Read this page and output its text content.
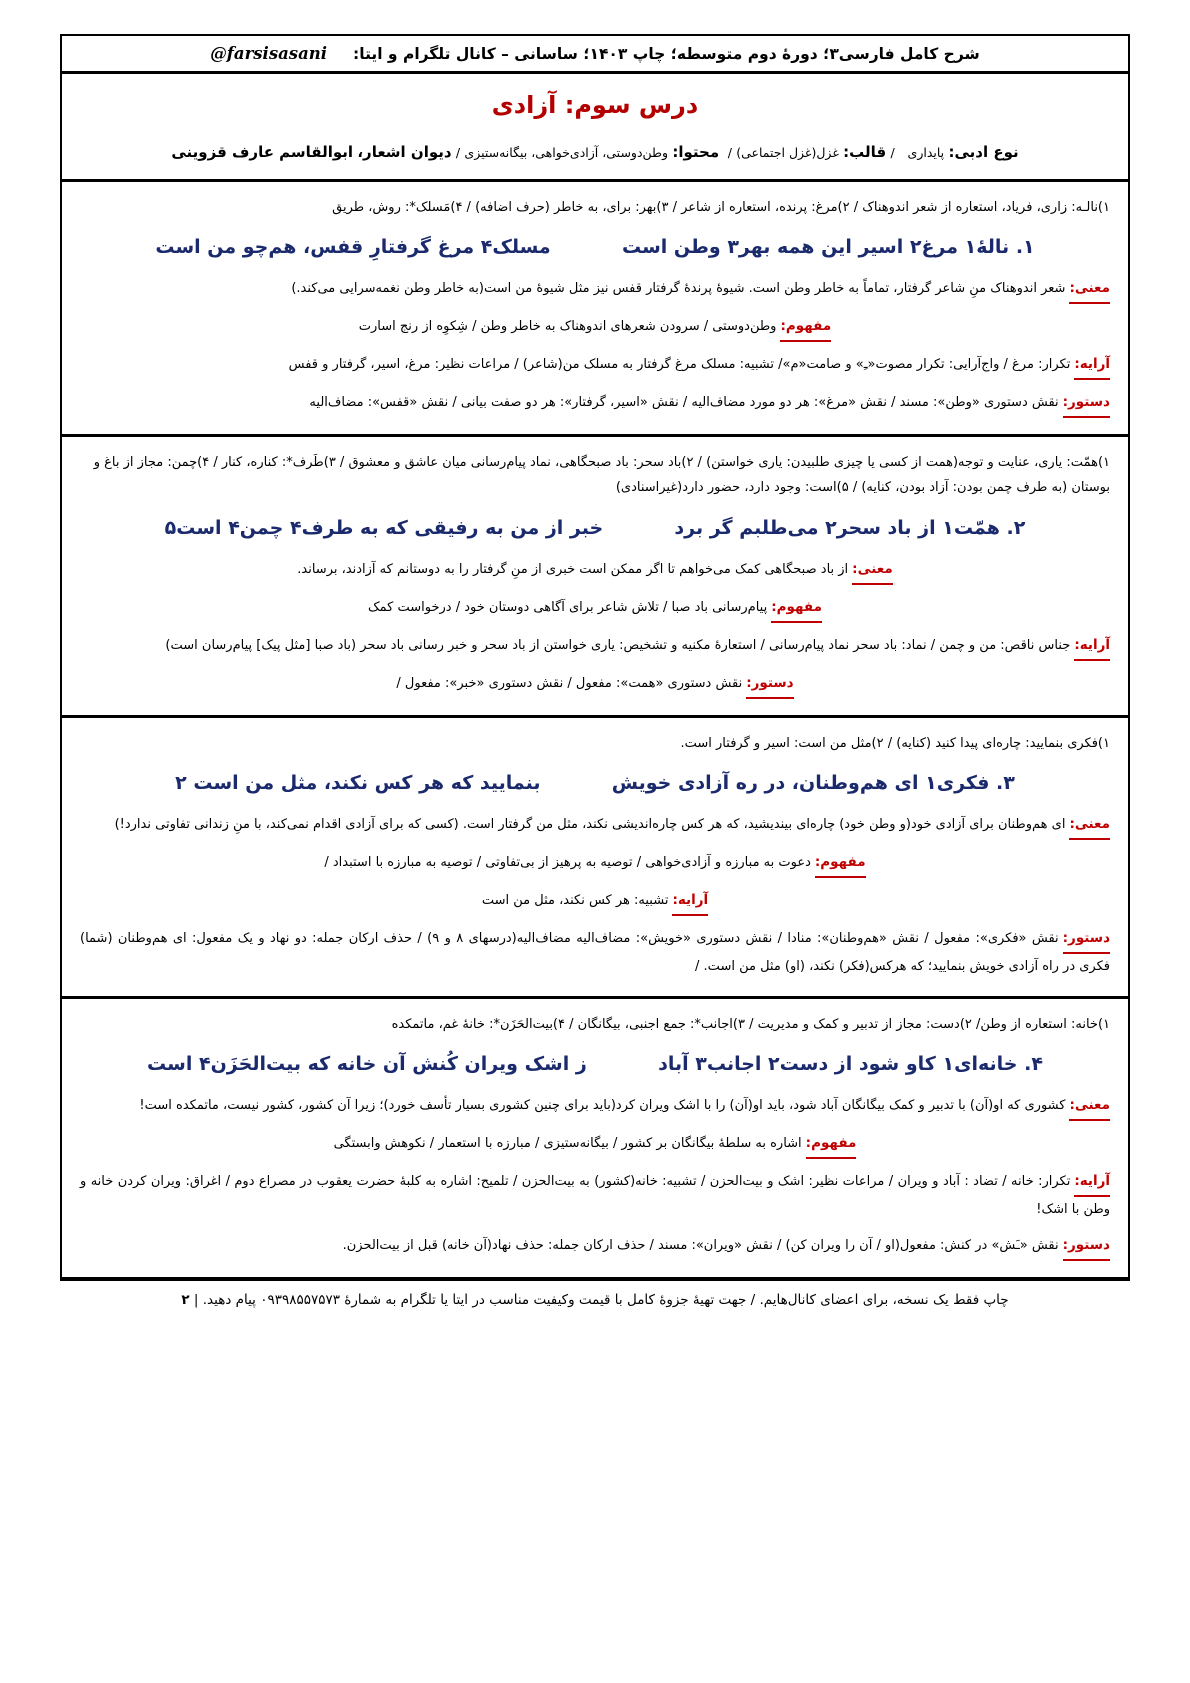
شرح کامل فارسی۳؛ دورهٔ دوم متوسطه؛ چاپ ۱۴۰۳؛ ساسانی – کانال تلگرام و ایتا:
@farsisasani
درس سوم: آزادی
نوع ادبی: پایداری   / قالب: غزل(غزل اجتماعی) /  محتوا: وطن‌دوستی، آزادی‌خواهی، بیگانه‌ستیزی / دیوان اشعار، ابوالقاسم عارف قزوینی
۱)نالـه: زاری، فریاد، استعاره از شعر اندوهناک / ۲)مرغ: پرنده، استعاره از شاعر / ۳)بهر: برای، به خاطر (حرف اضافه) / ۴)مَسلک*: روش، طریق
۱. نالهٔ١ مرغ٢ اسیر این همه بهر٣ وطن است  مسلک۴ مرغ گرفتارِ قفس، هم‌چو من است
معنی:شعر اندوهناک منِ شاعر گرفتار، تماماً به خاطر وطن است. شیوهٔ پرندهٔ گرفتار قفس نیز مثل شیوهٔ من است(به خاطر وطن نغمه‌سرایی می‌کند.)
مفهوم:وطن‌دوستی / سرودن شعرهای اندوهناک به خاطر وطن / شِکوِه از رنج اسارت
آرایه:تکرار: مرغ / واج‌آرایی: تکرار مصوت«ـِ» و صامت«م»/ تشبیه: مسلک مرغ گرفتار به مسلک من(شاعر) / مراعات نظیر: مرغ، اسیر، گرفتار و قفس
دستور:نقش دستوری «وطن»: مسند / نقش «مرغ»: هر دو مورد مضاف‌الیه / نقش «اسیر، گرفتار»: هر دو صفت بیانی / نقش «قفس»: مضاف‌الیه
۱)همّت: یاری، عنایت و توجه(همت از کسی یا چیزی طلبیدن: یاری خواستن) / ۲)باد سحر: باد صبحگاهی، نماد پیام‌رسانی میان عاشق و معشوق / ۳)طَرف*: کناره، کنار / ۴)چمن: مجاز از باغ و بوستان (به طرف چمن بودن: آزاد بودن، کنایه) / ۵)است: وجود دارد، حضور دارد(غیراسنادی)
۲. همّت١ از باد سحر٢ می‌طلبم گر برد  خبر از من به رفیقی که به طرف۴ چمن۴ است۵
معنی:از باد صبحگاهی کمک می‌خواهم تا اگر ممکن است خبری از منِ گرفتار را به دوستانم که آزادند، برساند.
مفهوم:پیام‌رسانی باد صبا / تلاش شاعر برای آگاهی دوستان خود / درخواست کمک
آرایه:جناس ناقص: من و چمن / نماد: باد سحر نماد پیام‌رسانی / استعارهٔ مکنیه و تشخیص: یاری خواستن از باد سحر و خبر رسانی باد سحر (باد صبا [مثل پیک] پیام‌رسان است)
دستور:نقش دستوری «همت»: مفعول / نقش دستوری «خبر»: مفعول /
۱)فکری بنمایید: چاره‌ای پیدا کنید (کنایه) / ۲)مثل من است: اسیر و گرفتار است.
۳. فکری١ ای هم‌وطنان، در ره آزادی خویش  بنمایید که هر کس نکند، مثل من است ٢
معنی:ای هم‌وطنان برای آزادی خود(و وطن خود) چاره‌ای بیندیشید، که هر کس چاره‌اندیشی نکند، مثل من گرفتار است. (کسی که برای آزادی اقدام نمی‌کند، با منِ زندانی تفاوتی ندارد!)
مفهوم:دعوت به مبارزه و آزادی‌خواهی / توصیه به پرهیز از بی‌تفاوتی / توصیه به مبارزه با استبداد /
آرایه:تشبیه: هر کس نکند، مثل من است
دستور:نقش «فکری»: مفعول / نقش «هم‌وطنان»: منادا / نقش دستوری «خویش»: مضاف‌الیه مضاف‌الیه(درسهای ۸ و ۹) / حذف ارکان جمله: دو نهاد و یک مفعول: ای هم‌وطنان (شما) فکری در راه آزادی خویش بنمایید؛ که هرکس(فکر) نکند، (او) مثل من است. /
۱)خانه: استعاره از وطن/ ۲)دست: مجاز از تدبیر و کمک و مدیریت / ۳)اجانب*: جمع اجنبی، بیگانگان / ۴)بیت‌الحَزَن*: خانهٔ غم، ماتمکده
۴. خانه‌ای١ کاو شود از دست٢ اجانب٣ آباد  ز اشک ویران کُنش آن خانه که بیت‌الحَزَن۴ است
معنی:کشوری که او(آن) با تدبیر و کمک بیگانگان آباد شود، باید او(آن) را با اشک ویران کرد(باید برای چنین کشوری بسیار تأسف خورد)؛ زیرا آن کشور، کشور نیست، ماتمکده است!
مفهوم:اشاره به سلطهٔ بیگانگان بر کشور / بیگانه‌ستیزی / مبارزه با استعمار / نکوهش وابستگی
آرایه:تکرار: خانه / تضاد : آباد و ویران / مراعات نظیر: اشک و بیت‌الحزن / تشبیه: خانه(کشور) به بیت‌الحزن / تلمیح: اشاره به کلبهٔ حضرت یعقوب در مصراع دوم / اغراق: ویران کردن خانه و وطن با اشک!
دستور:نقش «ـَش» در کنش: مفعول(او / آن را ویران کن) / نقش «ویران»: مسند / حذف ارکان جمله: حذف نهاد(آن خانه) قبل از بیت‌الحزن.
چاپ فقط یک نسخه، برای اعضای کانال‌هایم. / جهت تهیهٔ جزوهٔ کامل با قیمت وکیفیت مناسب در ایتا یا تلگرام به شمارهٔ ۰۹۳۹۸۵۵۷۵۷۳ پیام دهید. | ۲
